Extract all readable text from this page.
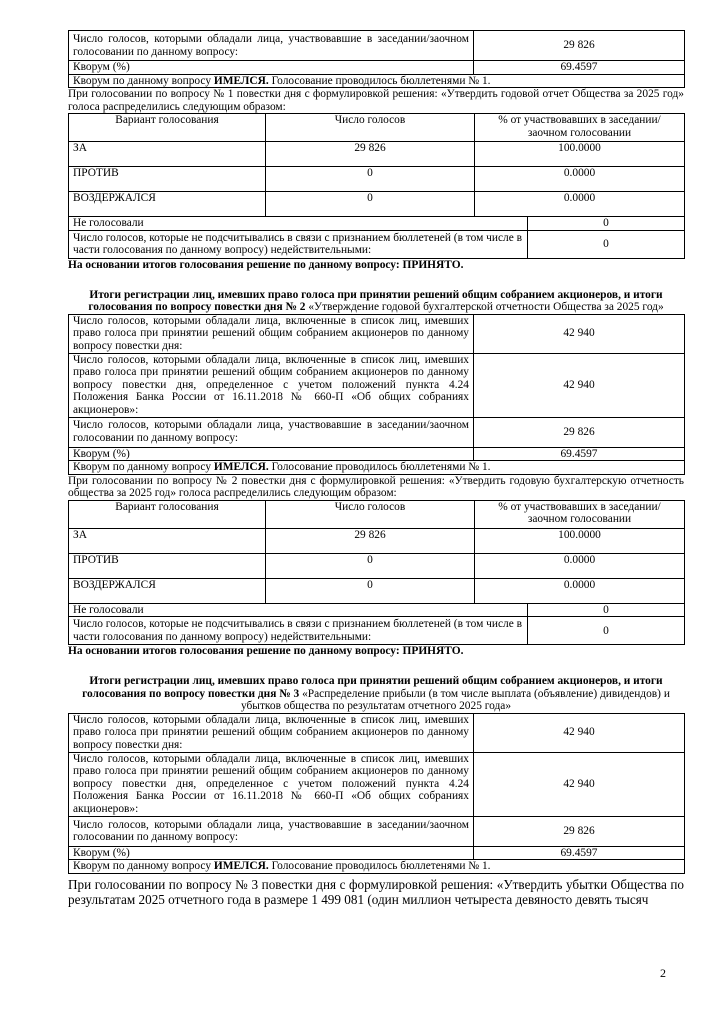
Число голосов, которыми обладали лица, участвовавшие в заседании/заочном голосовании по данному вопросу:	29 826
Кворум (%)	69.4597
Кворум по данному вопросу ИМЕЛСЯ. Голосование проводилось бюллетенями № 1.	

При голосовании по вопросу № 1 повестки дня с формулировкой решения: «Утвердить годовой отчет Общества за 2025 год» голоса распределились следующим образом:

Вариант голосования	Число голосов	% от участвовавших в заседании/заочном голосовании
ЗА	29 826	100.0000
ПРОТИВ	0	0.0000
ВОЗДЕРЖАЛСЯ	0	0.0000
Не голосовали	0
Число голосов, которые не подсчитывались в связи с признанием бюллетеней (в том числе в части голосования по данному вопросу) недействительными:	0

На основании итогов голосования решение по данному вопросу: ПРИНЯТО.

Итоги регистрации лиц, имевших право голоса при принятии решений общим собранием акционеров, и итоги голосования по вопросу повестки дня № 2 «Утверждение годовой бухгалтерской отчетности Общества за 2025 год»

Число голосов, которыми обладали лица, включенные в список лиц, имевших право голоса при принятии решений общим собранием акционеров по данному вопросу повестки дня:	42 940
Число голосов, которыми обладали лица, включенные в список лиц, имевших право голоса при принятии решений общим собранием акционеров по данному вопросу повестки дня, определенное с учетом положений пункта 4.24 Положения Банка России от 16.11.2018 № 660-П «Об общих собраниях акционеров»:	42 940
Число голосов, которыми обладали лица, участвовавшие в заседании/заочном голосовании по данному вопросу:	29 826
Кворум (%)	69.4597
Кворум по данному вопросу ИМЕЛСЯ. Голосование проводилось бюллетенями № 1.	

При голосовании по вопросу № 2 повестки дня с формулировкой решения: «Утвердить годовую бухгалтерскую отчетность общества за 2025 год» голоса распределились следующим образом:

Вариант голосования	Число голосов	% от участвовавших в заседании/заочном голосовании
ЗА	29 826	100.0000
ПРОТИВ	0	0.0000
ВОЗДЕРЖАЛСЯ	0	0.0000
Не голосовали	0
Число голосов, которые не подсчитывались в связи с признанием бюллетеней (в том числе в части голосования по данному вопросу) недействительными:	0

На основании итогов голосования решение по данному вопросу: ПРИНЯТО.

Итоги регистрации лиц, имевших право голоса при принятии решений общим собранием акционеров, и итоги голосования по вопросу повестки дня № 3 «Распределение прибыли (в том числе выплата (объявление) дивидендов) и убытков общества по результатам отчетного 2025 года»

Число голосов, которыми обладали лица, включенные в список лиц, имевших право голоса при принятии решений общим собранием акционеров по данному вопросу повестки дня:	42 940
Число голосов, которыми обладали лица, включенные в список лиц, имевших право голоса при принятии решений общим собранием акционеров по данному вопросу повестки дня, определенное с учетом положений пункта 4.24 Положения Банка России от 16.11.2018 № 660-П «Об общих собраниях акционеров»:	42 940
Число голосов, которыми обладали лица, участвовавшие в заседании/заочном голосовании по данному вопросу:	29 826
Кворум (%)	69.4597
Кворум по данному вопросу ИМЕЛСЯ. Голосование проводилось бюллетенями № 1.	

При голосовании по вопросу № 3 повестки дня с формулировкой решения: «Утвердить убытки Общества по результатам 2025 отчетного года в размере 1 499 081 (один миллион четыреста девяносто девять тысяч

2
